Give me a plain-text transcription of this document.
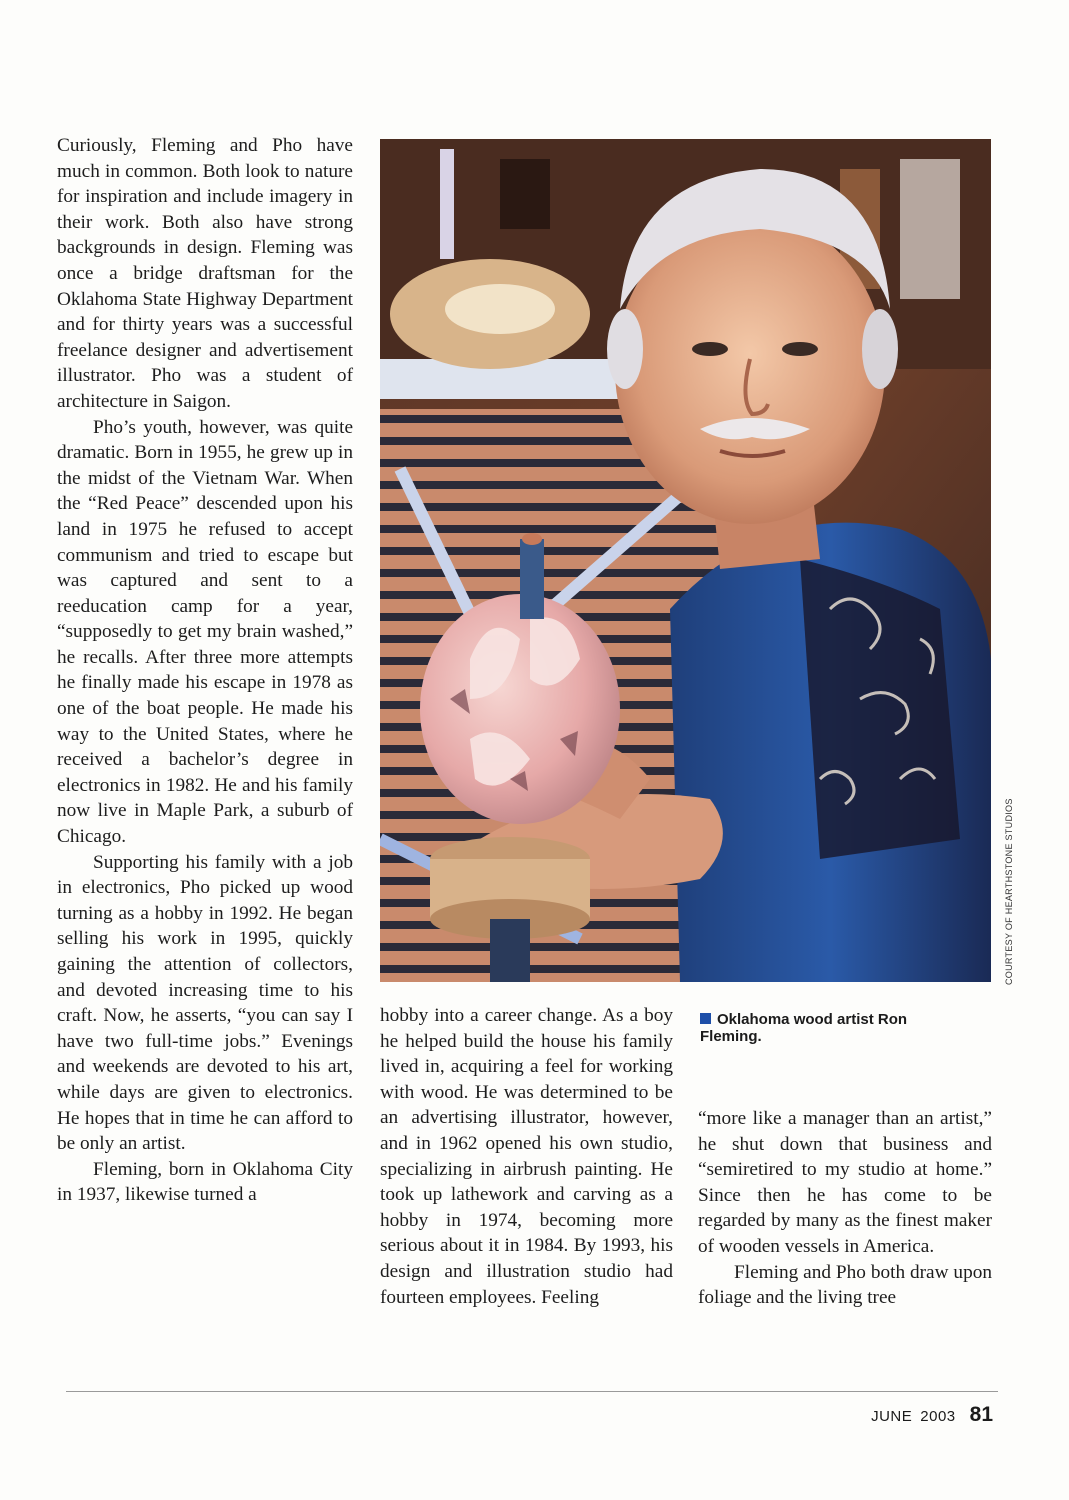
Curiously, Fleming and Pho have much in common. Both look to nature for inspiration and include imagery in their work. Both also have strong backgrounds in design. Fleming was once a bridge draftsman for the Oklahoma State Highway Department and for thirty years was a successful freelance designer and advertisement illustrator. Pho was a student of architecture in Saigon.

Pho’s youth, however, was quite dramatic. Born in 1955, he grew up in the midst of the Vietnam War. When the “Red Peace” descended upon his land in 1975 he refused to accept communism and tried to escape but was captured and sent to a reeducation camp for a year, “supposedly to get my brain washed,” he recalls. After three more attempts he finally made his escape in 1978 as one of the boat people. He made his way to the United States, where he received a bachelor’s degree in electronics in 1982. He and his family now live in Maple Park, a suburb of Chicago.

Supporting his family with a job in electronics, Pho picked up wood turning as a hobby in 1992. He began selling his work in 1995, quickly gaining the attention of collectors, and devoted increasing time to his craft. Now, he asserts, “you can say I have two full-time jobs.” Evenings and weekends are devoted to his art, while days are given to electronics. He hopes that in time he can afford to be only an artist.

Fleming, born in Oklahoma City in 1937, likewise turned a

COURTESY OF HEARTHSTONE STUDIOS

hobby into a career change. As a boy he helped build the house his family lived in, acquiring a feel for working with wood. He was determined to be an advertising illustrator, however, and in 1962 opened his own studio, specializing in airbrush painting. He took up lathework and carving as a hobby in 1974, becoming more serious about it in 1984. By 1993, his design and illustration studio had fourteen employees. Feeling

Oklahoma wood artist Ron Fleming.

“more like a manager than an artist,” he shut down that business and “semiretired to my studio at home.” Since then he has come to be regarded by many as the finest maker of wooden vessels in America.

Fleming and Pho both draw upon foliage and the living tree

JUNE 2003 81
